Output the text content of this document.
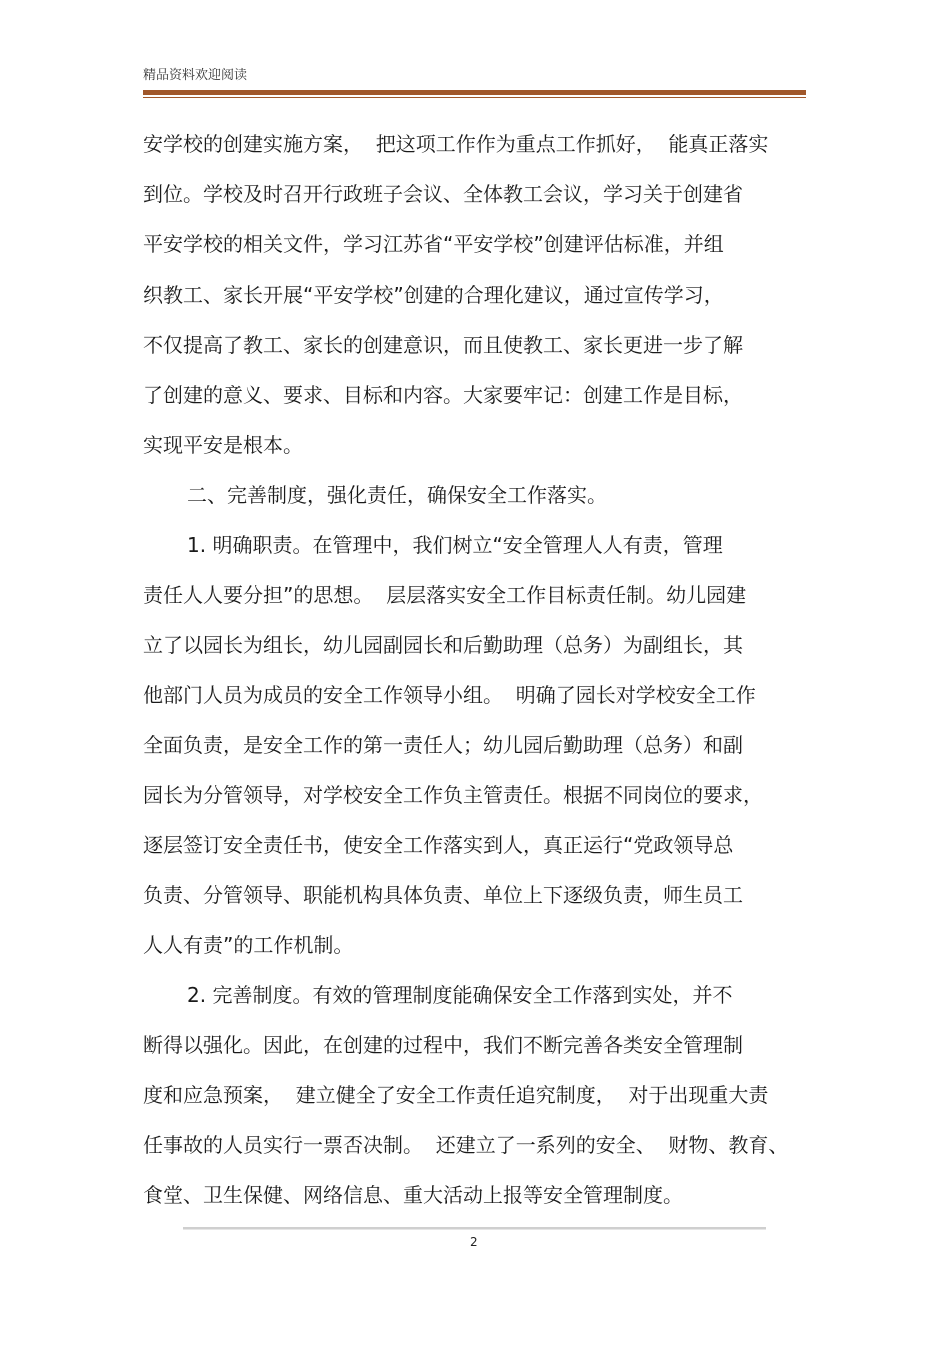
精品资料欢迎阅读
安学校的创建实施方案，  把这项工作作为重点工作抓好，  能真正落实
到位。学校及时召开行政班子会议、全体教工会议，学习关于创建省
平安学校的相关文件，学习江苏省“平安学校”创建评估标准，并组
织教工、家长开展“平安学校”创建的合理化建议，通过宣传学习，
不仅提高了教工、家长的创建意识，而且使教工、家长更进一步了解
了创建的意义、要求、目标和内容。大家要牢记：创建工作是目标，
实现平安是根本。
二、完善制度，强化责任，确保安全工作落实。
1. 明确职责。在管理中，我们树立“安全管理人人有责，管理
责任人人要分担”的思想。  层层落实安全工作目标责任制。幼儿园建
立了以园长为组长，幼儿园副园长和后勤助理（总务）为副组长，其
他部门人员为成员的安全工作领导小组。  明确了园长对学校安全工作
全面负责，是安全工作的第一责任人；幼儿园后勤助理（总务）和副
园长为分管领导，对学校安全工作负主管责任。根据不同岗位的要求，
逐层签订安全责任书，使安全工作落实到人，真正运行“党政领导总
负责、分管领导、职能机构具体负责、单位上下逐级负责，师生员工
人人有责”的工作机制。
2. 完善制度。有效的管理制度能确保安全工作落到实处，并不
断得以强化。因此，在创建的过程中，我们不断完善各类安全管理制
度和应急预案，  建立健全了安全工作责任追究制度，  对于出现重大责
任事故的人员实行一票否决制。  还建立了一系列的安全、  财物、教育、
食堂、卫生保健、网络信息、重大活动上报等安全管理制度。
2
